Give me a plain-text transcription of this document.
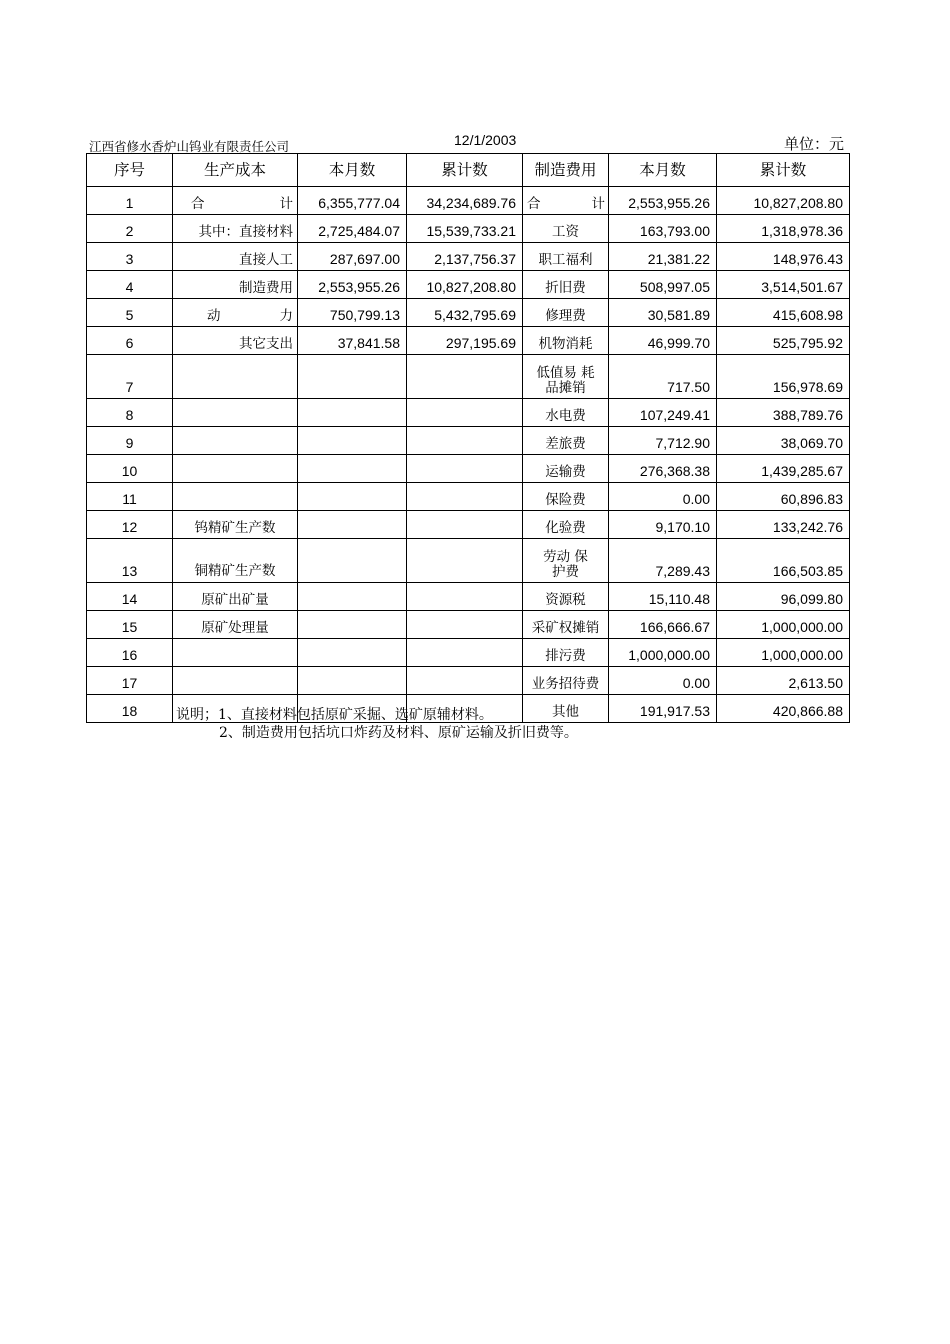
江西省修水香炉山钨业有限责任公司	12/1/2003	单位：元
序号	生产成本	本月数	累计数	制造费用	本月数	累计数
1	合计	6,355,777.04	34,234,689.76	合计	2,553,955.26	10,827,208.80
2	其中：直接材料	2,725,484.07	15,539,733.21	工资	163,793.00	1,318,978.36
3	直接人工	287,697.00	2,137,756.37	职工福利	21,381.22	148,976.43
4	制造费用	2,553,955.26	10,827,208.80	折旧费	508,997.05	3,514,501.67
5	动力	750,799.13	5,432,795.69	修理费	30,581.89	415,608.98
6	其它支出	37,841.58	297,195.69	机物消耗	46,999.70	525,795.92
7				低值易 耗品摊销	717.50	156,978.69
8				水电费	107,249.41	388,789.76
9				差旅费	7,712.90	38,069.70
10				运输费	276,368.38	1,439,285.67
11				保险费	0.00	60,896.83
12	钨精矿生产数			化验费	9,170.10	133,242.76
13	铜精矿生产数			劳动 保护费	7,289.43	166,503.85
14	原矿出矿量			资源税	15,110.48	96,099.80
15	原矿处理量			采矿权摊销	166,666.67	1,000,000.00
16				排污费	1,000,000.00	1,000,000.00
17				业务招待费	0.00	2,613.50
18				其他	191,917.53	420,866.88
说明；1、直接材料包括原矿采掘、选矿原辅材料。
2、制造费用包括坑口炸药及材料、原矿运输及折旧费等。
